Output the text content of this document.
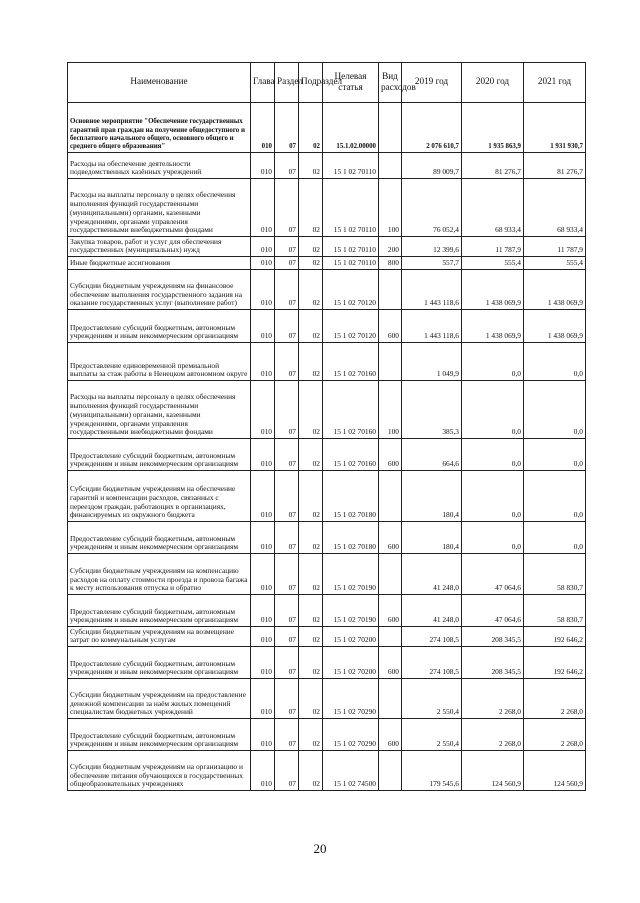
Наименование	Глава	Раздел	Подраздел	Целевая статья	Вид расходов	2019 год	2020 год	2021 год
Основное мероприятие "Обеспечение государственных гарантий прав граждан на получение общедоступного и бесплатного начального общего, основного общего и среднего общего образования"	010	07	02	15.1.02.00000		2 076 610,7	1 935 863,9	1 931 930,7
Расходы на обеспечение деятельности подведомственных казённых учреждений	010	07	02	15 1 02 70110		89 009,7	81 276,7	81 276,7
Расходы на выплаты персоналу в целях обеспечения выполнения функций государственными (муниципальными) органами, казенными учреждениями, органами управления государственными внебюджетными фондами	010	07	02	15 1 02 70110	100	76 052,4	68 933,4	68 933,4
Закупка товаров, работ и услуг для обеспечения государственных (муниципальных) нужд	010	07	02	15 1 02 70110	200	12 399,6	11 787,9	11 787,9
Иные бюджетные ассигнования	010	07	02	15 1 02 70110	800	557,7	555,4	555,4
Субсидии бюджетным учреждениям на финансовое обеспечение выполнения государственного задания на оказание государственных услуг (выполнение работ)	010	07	02	15 1 02 70120		1 443 118,6	1 438 069,9	1 438 069,9
Предоставление субсидий бюджетным, автономным учреждениям и иным некоммерческим организациям	010	07	02	15 1 02 70120	600	1 443 118,6	1 438 069,9	1 438 069,9
Предоставление единовременной премиальной выплаты за стаж работы в Ненецком автономном округе	010	07	02	15 1 02 70160		1 049,9	0,0	0,0
Расходы на выплаты персоналу в целях обеспечения выполнения функций государственными (муниципальными) органами, казенными учреждениями, органами управления государственными внебюджетными фондами	010	07	02	15 1 02 70160	100	385,3	0,0	0,0
Предоставление субсидий бюджетным, автономным учреждениям и иным некоммерческим организациям	010	07	02	15 1 02 70160	600	664,6	0,0	0,0
Субсидии бюджетным учреждениям на обеспечение гарантий и компенсации расходов, связанных с переездом граждан, работающих в организациях, финансируемых из окружного бюджета	010	07	02	15 1 02 70180		180,4	0,0	0,0
Предоставление субсидий бюджетным, автономным учреждениям и иным некоммерческим организациям	010	07	02	15 1 02 70180	600	180,4	0,0	0,0
Субсидии бюджетным учреждениям на компенсацию расходов на оплату стоимости проезда и провоза багажа к месту использования отпуска и обратно	010	07	02	15 1 02 70190		41 248,0	47 064,6	58 830,7
Предоставление субсидий бюджетным, автономным учреждениям и иным некоммерческим организациям	010	07	02	15 1 02 70190	600	41 248,0	47 064,6	58 830,7
Субсидии бюджетным учреждениям на возмещение затрат по коммунальным услугам	010	07	02	15 1 02 70200		274 108,5	208 345,5	192 646,2
Предоставление субсидий бюджетным, автономным учреждениям и иным некоммерческим организациям	010	07	02	15 1 02 70200	600	274 108,5	208 345,5	192 646,2
Субсидии бюджетным учреждениям на предоставление денежной компенсации за наём жилых помещений специалистам бюджетных учреждений	010	07	02	15 1 02 70290		2 550,4	2 268,0	2 268,0
Предоставление субсидий бюджетным, автономным учреждениям и иным некоммерческим организациям	010	07	02	15 1 02 70290	600	2 550,4	2 268,0	2 268,0
Субсидии бюджетным учреждениям на организацию и обеспечение питания обучающихся в государственных общеобразовательных учреждениях	010	07	02	15 1 02 74500		179 545,6	124 560,9	124 560,9
20
